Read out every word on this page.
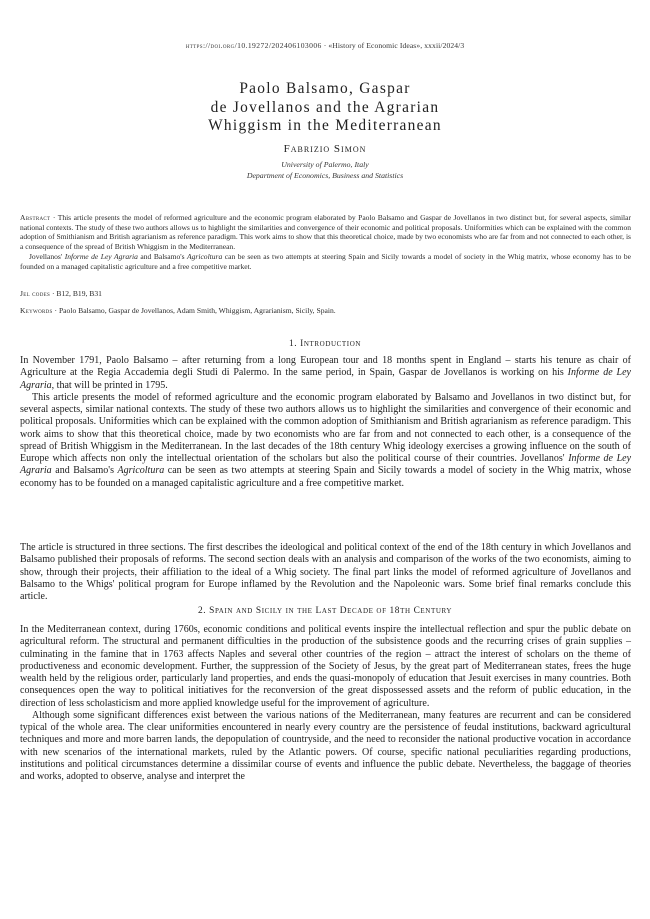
https://doi.org/10.19272/202406103006 · «History of Economic Ideas», xxxii/2024/3
Paolo Balsamo, Gaspar
de Jovellanos and the Agrarian
Whiggism in the Mediterranean
Fabrizio Simon
University of Palermo, Italy
Department of Economics, Business and Statistics

Abstract · This article presents the model of reformed agriculture and the economic program elaborated by Paolo Balsamo and Gaspar de Jovellanos in two distinct but, for several aspects, similar national contexts. The study of these two authors allows us to highlight the similarities and convergence of their economic and political proposals. Uniformities which can be explained with the common adoption of Smithianism and British agrarianism as reference paradigm. This work aims to show that this theoretical choice, made by two economists who are far from and not connected to each other, is a consequence of the spread of British Whiggism in the Mediterranean.

Jovellanos' Informe de Ley Agraria and Balsamo's Agricoltura can be seen as two attempts at steering Spain and Sicily towards a model of society in the Whig matrix, whose economy has to be founded on a managed capitalistic agriculture and a free competitive market.

Jel codes · B12, B19, B31
Keywords · Paolo Balsamo, Gaspar de Jovellanos, Adam Smith, Whiggism, Agrarianism, Sicily, Spain.
1. Introduction

In November 1791, Paolo Balsamo – after returning from a long European tour and 18 months spent in England – starts his tenure as chair of Agriculture at the Regia Accademia degli Studi di Palermo. In the same period, in Spain, Gaspar de Jovellanos is working on his Informe de Ley Agraria, that will be printed in 1795.

This article presents the model of reformed agriculture and the economic program elaborated by Balsamo and Jovellanos in two distinct but, for several aspects, similar national contexts. The study of these two authors allows us to highlight the similarities and convergence of their economic and political proposals. Uniformities which can be explained with the common adoption of Smithianism and British agrarianism as reference paradigm. This work aims to show that this theoretical choice, made by two economists who are far from and not connected to each other, is a consequence of the spread of British Whiggism in the Mediterranean. In the last decades of the 18th century Whig ideology exercises a growing influence on the south of Europe which affects non only the intellectual orientation of the scholars but also the political course of their countries. Jovellanos' Informe de Ley Agraria and Balsamo's Agricoltura can be seen as two attempts at steering Spain and Sicily towards a model of society in the Whig matrix, whose economy has to be founded on a managed capitalistic agriculture and a free competitive market.

The article is structured in three sections. The first describes the ideological and political context of the end of the 18th century in which Jovellanos and Balsamo published their proposals of reforms. The second section deals with an analysis and comparison of the works of the two economists, aiming to show, through their projects, their affiliation to the ideal of a Whig society. The final part links the model of reformed agriculture of Jovellanos and Balsamo to the Whigs' political program for Europe inflamed by the Revolution and the Napoleonic wars. Some brief final remarks conclude this article.
2. Spain and Sicily in the Last Decade of 18th Century

In the Mediterranean context, during 1760s, economic conditions and political events inspire the intellectual reflection and spur the public debate on agricultural reform. The structural and permanent difficulties in the production of the subsistence goods and the recurring crises of grain supplies – culminating in the famine that in 1763 affects Naples and several other countries of the region – attract the interest of scholars on the theme of productiveness and economic development. Further, the suppression of the Society of Jesus, by the great part of Mediterranean states, frees the huge wealth held by the religious order, particularly land properties, and ends the quasi-monopoly of education that Jesuit exercises in many countries. Both consequences open the way to political initiatives for the reconversion of the great dispossessed assets and the reform of public education, in the direction of less scholasticism and more applied knowledge useful for the improvement of agriculture.

Although some significant differences exist between the various nations of the Mediterranean, many features are recurrent and can be considered typical of the whole area. The clear uniformities encountered in nearly every country are the persistence of feudal institutions, backward agricultural techniques and more and more barren lands, the depopulation of countryside, and the need to reconsider the national productive vocation in accordance with new scenarios of the international markets, ruled by the Atlantic powers. Of course, specific national peculiarities regarding productions, institutions and political circumstances determine a dissimilar course of events and influence the public debate. Nevertheless, the baggage of theories and works, adopted to observe, analyse and interpret the
